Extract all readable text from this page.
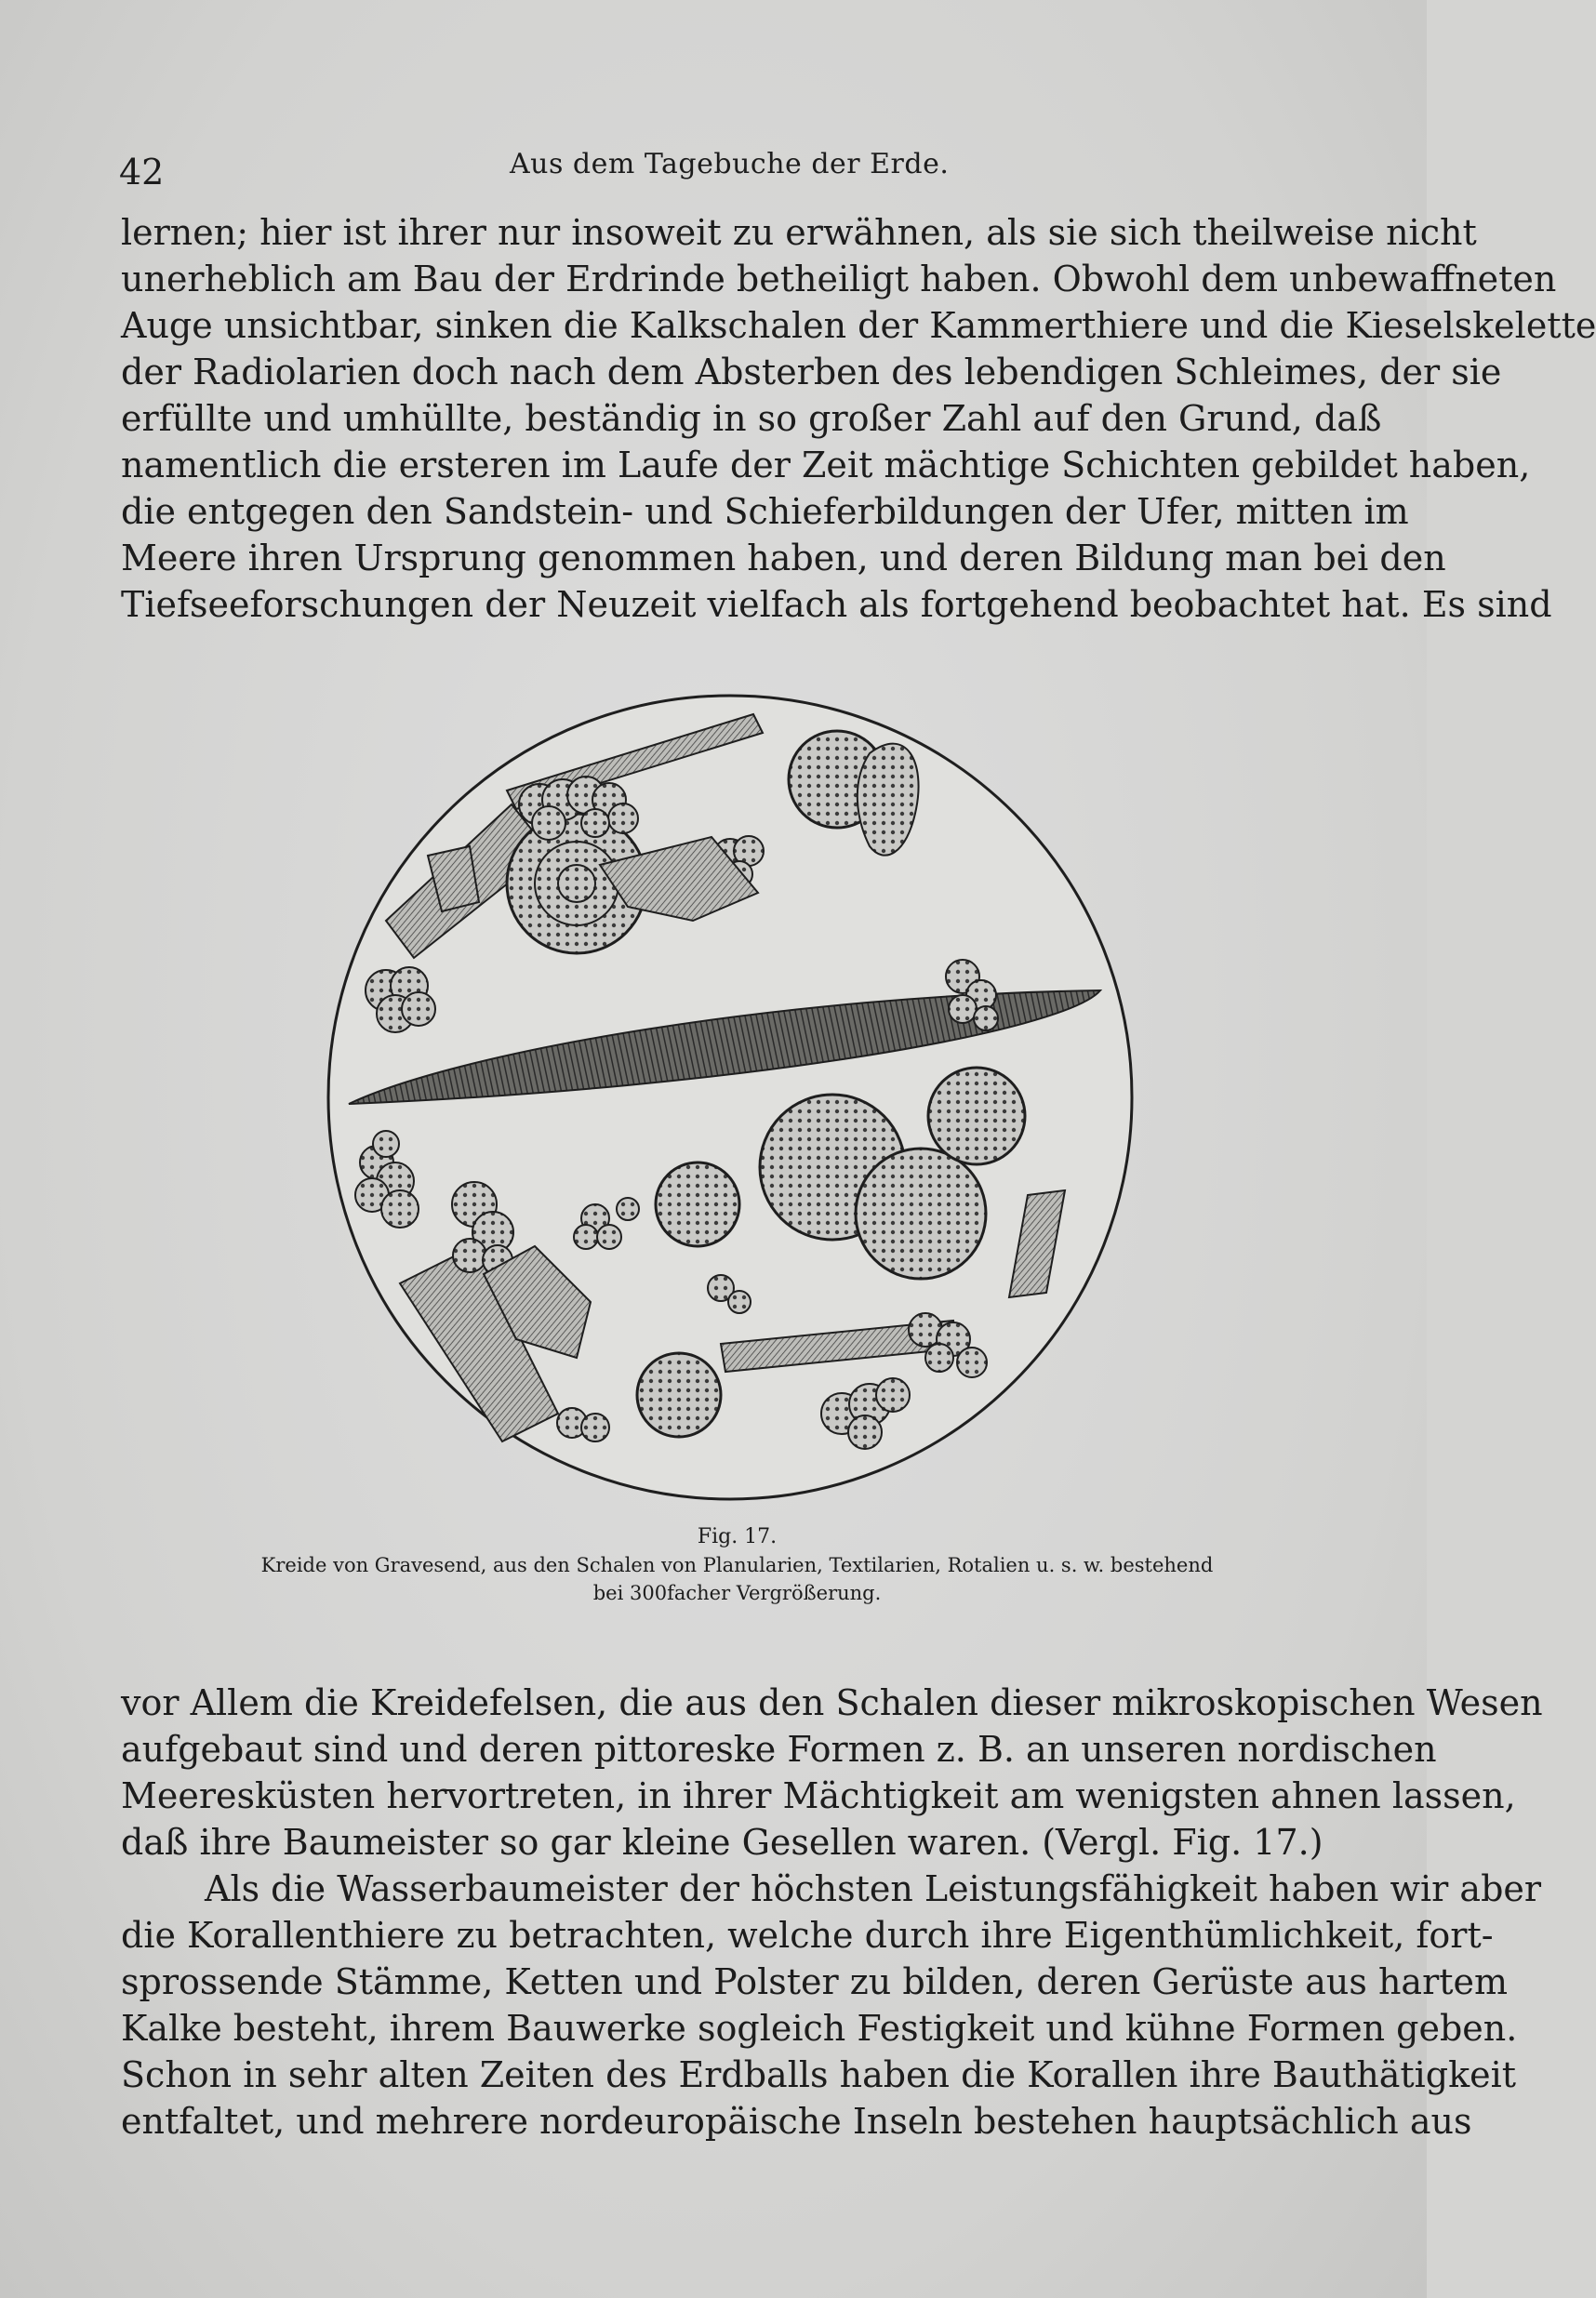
42	Aus dem Tagebuche der Erde.
lernen; hier ist ihrer nur insoweit zu erwähnen, als sie sich theilweise nicht
unerheblich am Bau der Erdrinde betheiligt haben. Obwohl dem unbewaffneten
Auge unsichtbar, sinken die Kalkschalen der Kammerthiere und die Kieselskelette
der Radiolarien doch nach dem Absterben des lebendigen Schleimes, der sie
erfüllte und umhüllte, beständig in so großer Zahl auf den Grund, daß
namentlich die ersteren im Laufe der Zeit mächtige Schichten gebildet haben,
die entgegen den Sandstein- und Schieferbildungen der Ufer, mitten im
Meere ihren Ursprung genommen haben, und deren Bildung man bei den
Tiefseeforschungen der Neuzeit vielfach als fortgehend beobachtet hat. Es sind
Fig. 17.
Kreide von Gravesend, aus den Schalen von Planularien, Textilarien, Rotalien u. s. w. bestehend
bei 300facher Vergrößerung.
vor Allem die Kreidefelsen, die aus den Schalen dieser mikroskopischen Wesen
aufgebaut sind und deren pittoreske Formen z. B. an unseren nordischen
Meeresküsten hervortreten, in ihrer Mächtigkeit am wenigsten ahnen lassen,
daß ihre Baumeister so gar kleine Gesellen waren. (Vergl. Fig. 17.)
Als die Wasserbaumeister der höchsten Leistungsfähigkeit haben wir aber
die Korallenthiere zu betrachten, welche durch ihre Eigenthümlichkeit, fort-
sprossende Stämme, Ketten und Polster zu bilden, deren Gerüste aus hartem
Kalke besteht, ihrem Bauwerke sogleich Festigkeit und kühne Formen geben.
Schon in sehr alten Zeiten des Erdballs haben die Korallen ihre Bauthätigkeit
entfaltet, und mehrere nordeuropäische Inseln bestehen hauptsächlich aus
